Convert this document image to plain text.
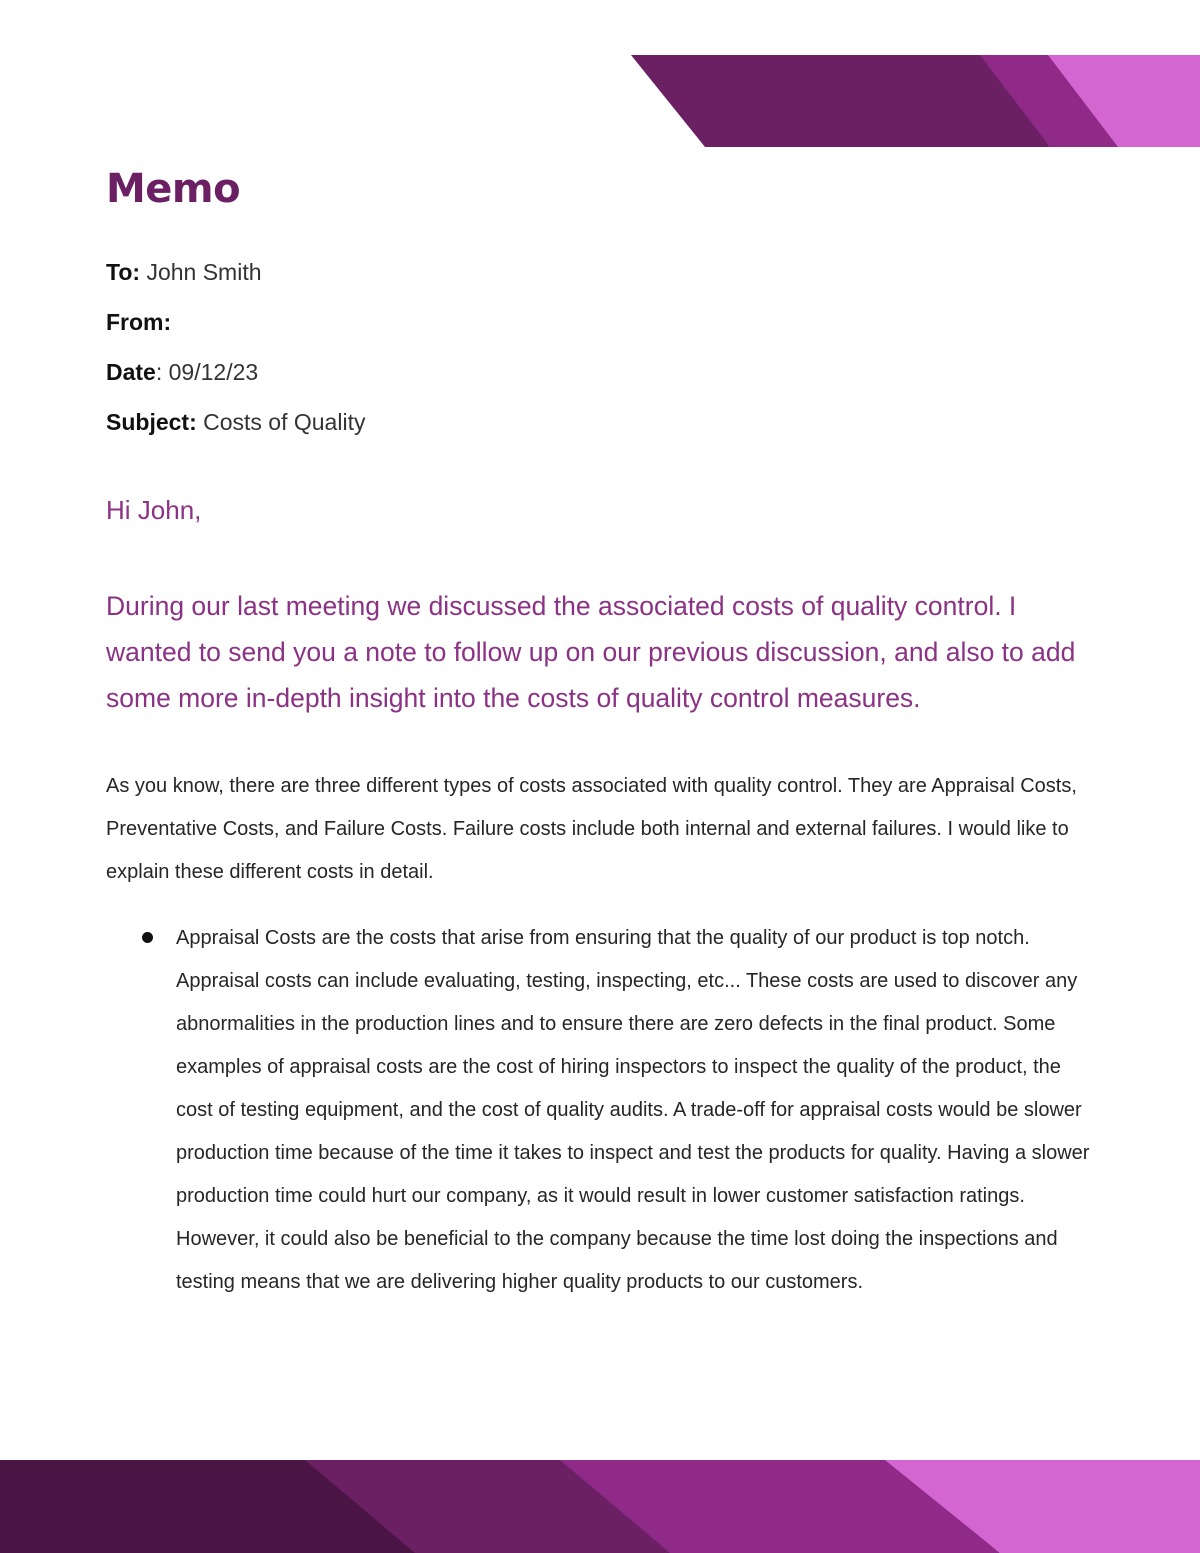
Memo
To: John Smith
From:
Date: 09/12/23
Subject: Costs of Quality
Hi John,

During our last meeting we discussed the associated costs of quality control. I wanted to send you a note to follow up on our previous discussion, and also to add some more in-depth insight into the costs of quality control measures.

As you know, there are three different types of costs associated with quality control. They are Appraisal Costs, Preventative Costs, and Failure Costs. Failure costs include both internal and external failures. I would like to explain these different costs in detail.

Appraisal Costs are the costs that arise from ensuring that the quality of our product is top notch. Appraisal costs can include evaluating, testing, inspecting, etc... These costs are used to discover any abnormalities in the production lines and to ensure there are zero defects in the final product. Some examples of appraisal costs are the cost of hiring inspectors to inspect the quality of the product, the cost of testing equipment, and the cost of quality audits. A trade-off for appraisal costs would be slower production time because of the time it takes to inspect and test the products for quality. Having a slower production time could hurt our company, as it would result in lower customer satisfaction ratings. However, it could also be beneficial to the company because the time lost doing the inspections and testing means that we are delivering higher quality products to our customers.
